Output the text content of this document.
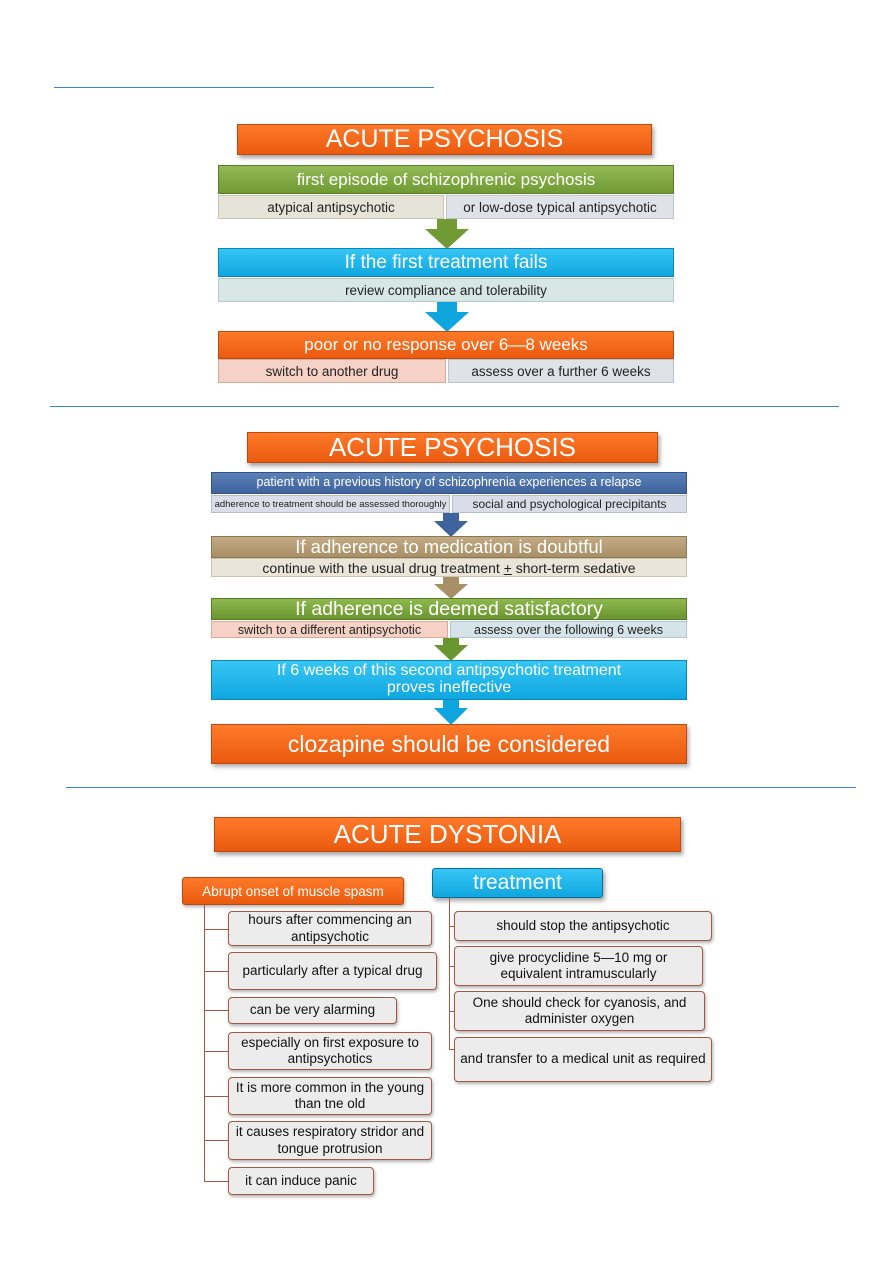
ACUTE PSYCHOSIS
first episode of schizophrenic psychosis
atypical antipsychotic	or low-dose typical antipsychotic
If the first treatment fails
review compliance and tolerability
poor or no response over 6—8 weeks
switch to another drug	assess over a further 6 weeks
ACUTE PSYCHOSIS
patient with a previous history of schizophrenia experiences a relapse
adherence to treatment should be assessed thoroughly	social and psychological precipitants
If adherence to medication is doubtful
continue with the usual drug treatment + short-term sedative
If adherence is deemed satisfactory
switch to a different antipsychotic	assess over the following 6 weeks
If 6 weeks of this second antipsychotic treatment
proves ineffective
clozapine should be considered
ACUTE DYSTONIA
Abrupt onset of muscle spasm
hours after commencing an antipsychotic
particularly after a typical drug
can be very alarming
especially on first exposure to antipsychotics
It is more common in the young than tne old
it causes respiratory stridor and tongue protrusion
it can induce panic
treatment
should stop the antipsychotic
give procyclidine 5—10 mg or equivalent intramuscularly
One should check for cyanosis, and administer oxygen
and transfer to a medical unit as required
